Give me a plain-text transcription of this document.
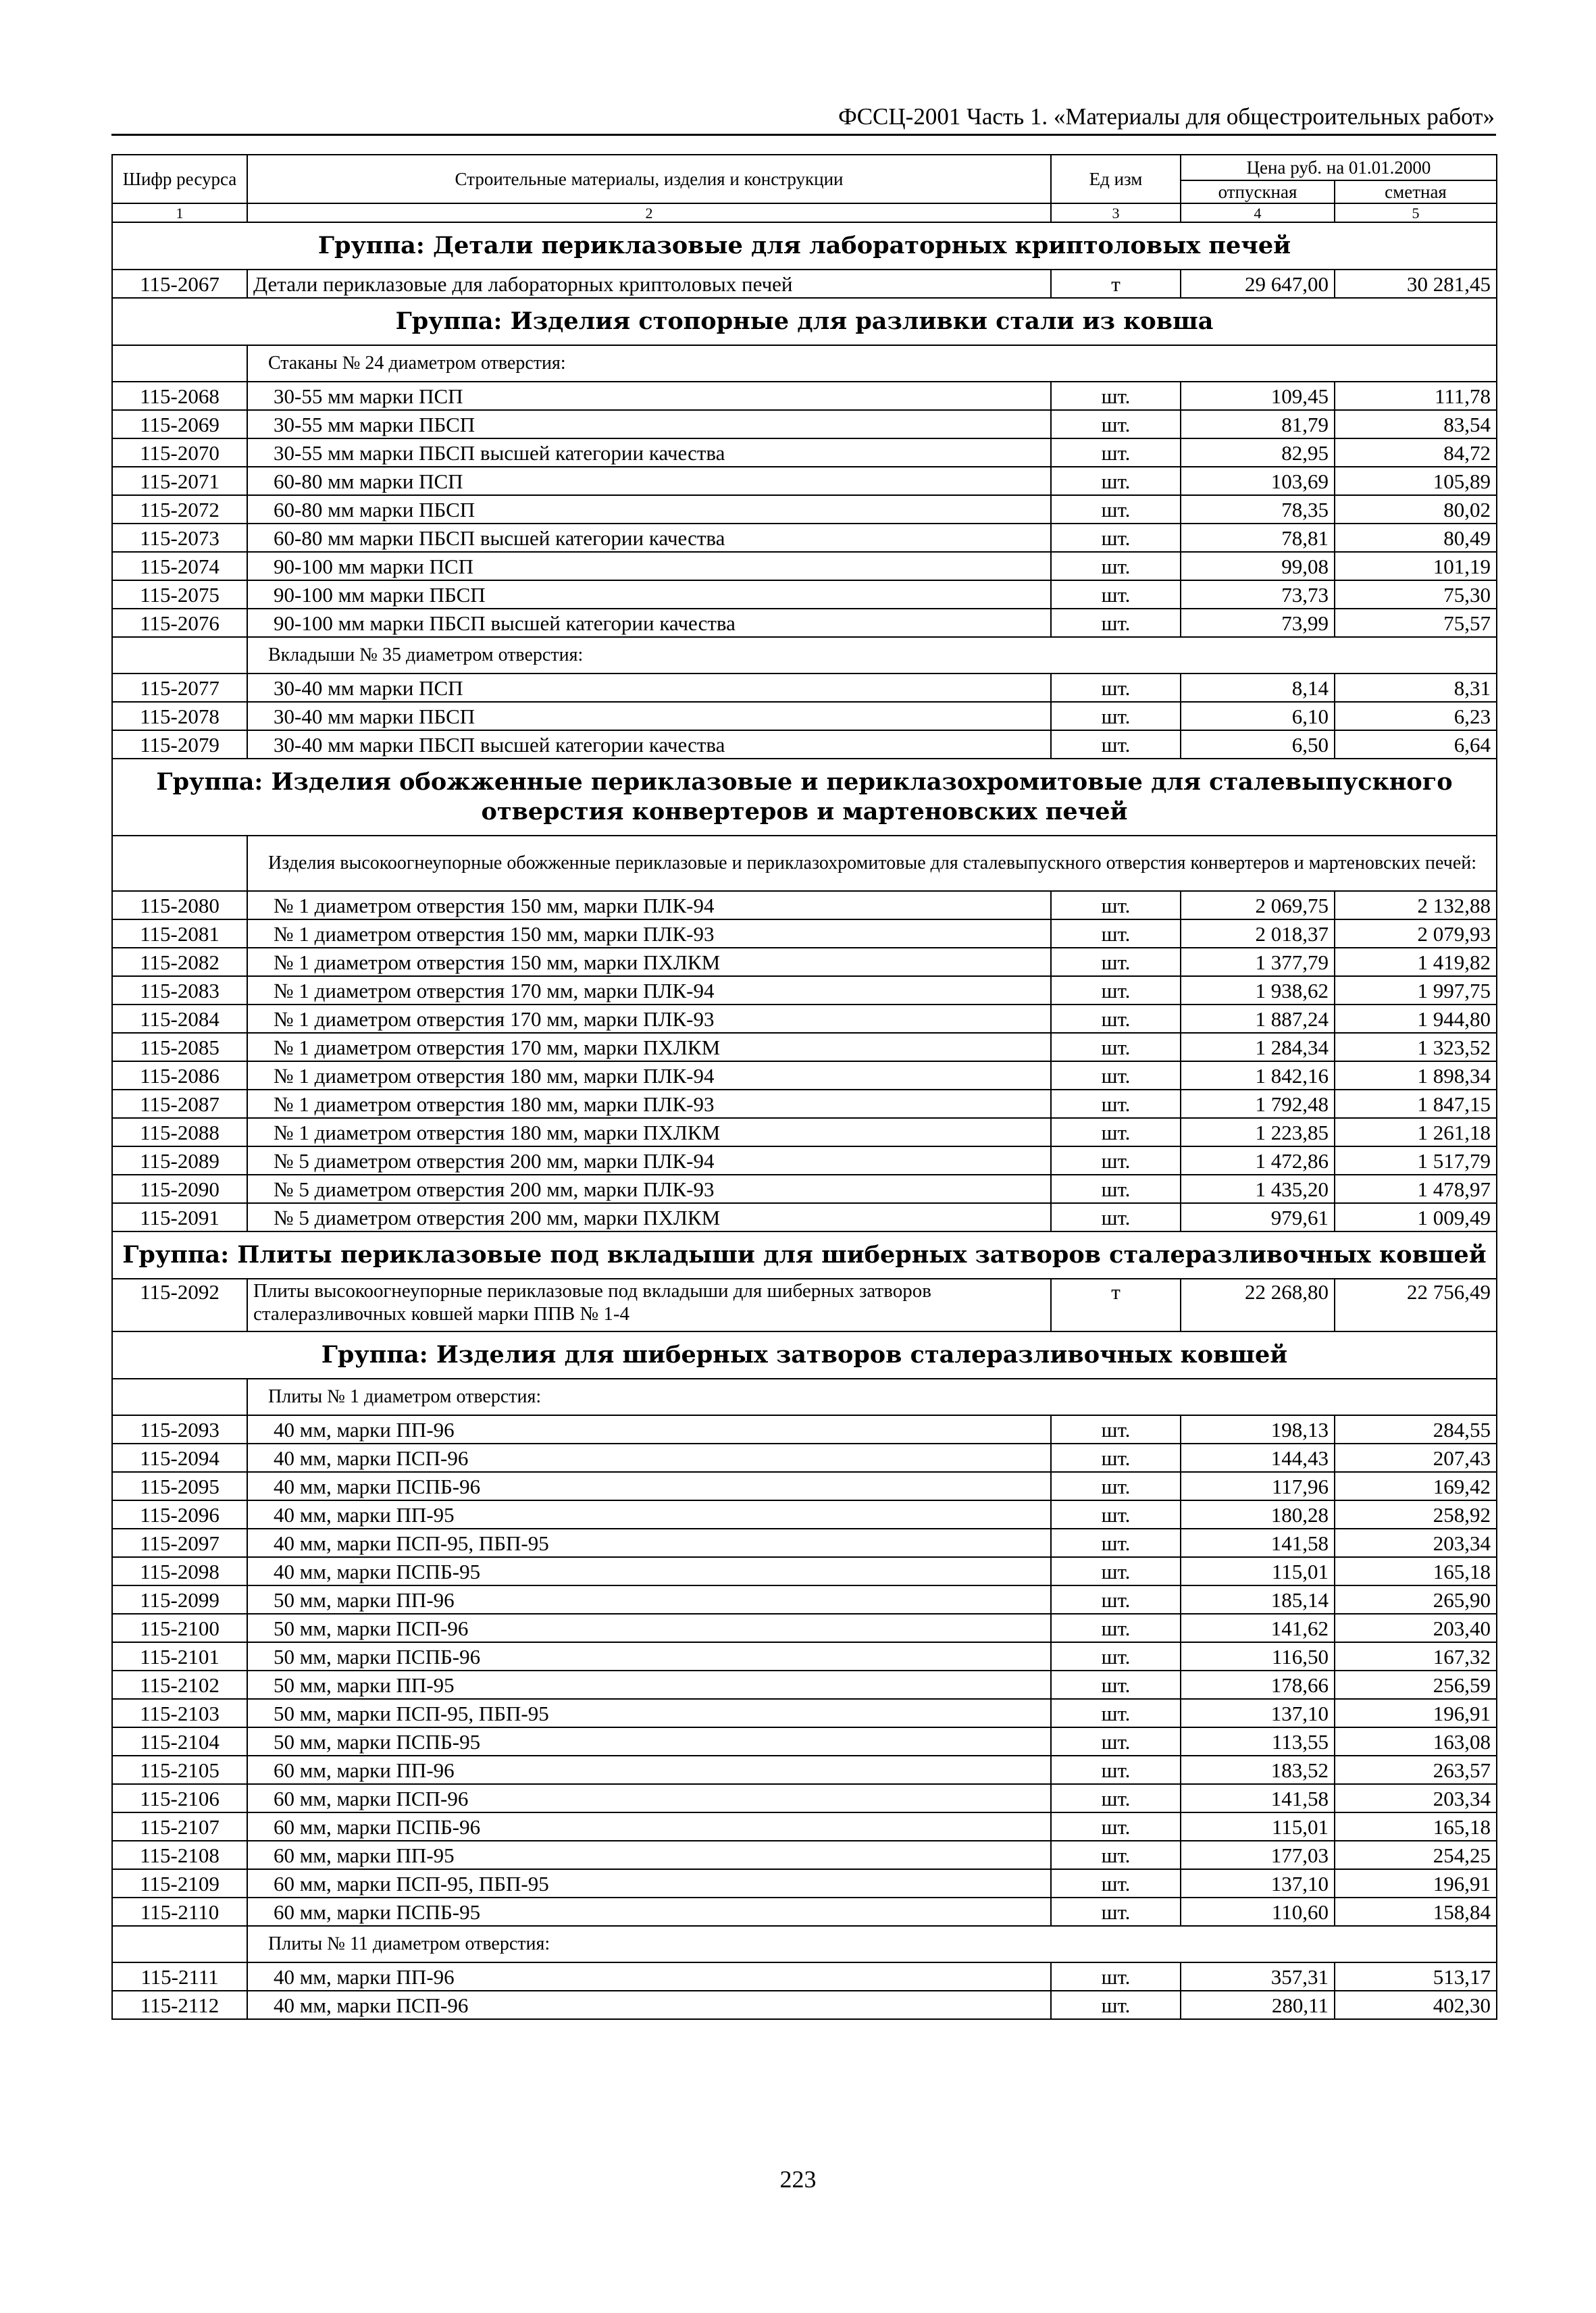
ФССЦ-2001 Часть 1. «Материалы для общестроительных работ»
Шифр ресурса	Строительные материалы, изделия и конструкции	Ед изм	Цена руб. на 01.01.2000	
			отпускная	сметная
1	2	3	4	5
Группа: Детали периклазовые для лабораторных криптоловых печей				
115-2067	Детали периклазовые для лабораторных криптоловых печей	т	29 647,00	30 281,45
Группа: Изделия стопорные для разливки стали из ковша				
	Стаканы № 24 диаметром отверстия:			
115-2068	30-55 мм марки ПСП	шт.	109,45	111,78
115-2069	30-55 мм марки ПБСП	шт.	81,79	83,54
115-2070	30-55 мм марки ПБСП высшей категории качества	шт.	82,95	84,72
115-2071	60-80 мм марки ПСП	шт.	103,69	105,89
115-2072	60-80 мм марки ПБСП	шт.	78,35	80,02
115-2073	60-80 мм марки ПБСП высшей категории качества	шт.	78,81	80,49
115-2074	90-100 мм марки ПСП	шт.	99,08	101,19
115-2075	90-100 мм марки ПБСП	шт.	73,73	75,30
115-2076	90-100 мм марки ПБСП высшей категории качества	шт.	73,99	75,57
	Вкладыши № 35 диаметром отверстия:			
115-2077	30-40 мм марки ПСП	шт.	8,14	8,31
115-2078	30-40 мм марки ПБСП	шт.	6,10	6,23
115-2079	30-40 мм марки ПБСП высшей категории качества	шт.	6,50	6,64
Группа: Изделия обожженные периклазовые и периклазохромитовые для сталевыпускного отверстия конвертеров и мартеновских печей				
	Изделия высокоогнеупорные обожженные периклазовые и периклазохромитовые для сталевыпускного отверстия конвертеров и мартеновских печей:			
115-2080	№ 1 диаметром отверстия 150 мм, марки ПЛК-94	шт.	2 069,75	2 132,88
115-2081	№ 1 диаметром отверстия 150 мм, марки ПЛК-93	шт.	2 018,37	2 079,93
115-2082	№ 1 диаметром отверстия 150 мм, марки ПХЛКМ	шт.	1 377,79	1 419,82
115-2083	№ 1 диаметром отверстия 170 мм, марки ПЛК-94	шт.	1 938,62	1 997,75
115-2084	№ 1 диаметром отверстия 170 мм, марки ПЛК-93	шт.	1 887,24	1 944,80
115-2085	№ 1 диаметром отверстия 170 мм, марки ПХЛКМ	шт.	1 284,34	1 323,52
115-2086	№ 1 диаметром отверстия 180 мм, марки ПЛК-94	шт.	1 842,16	1 898,34
115-2087	№ 1 диаметром отверстия 180 мм, марки ПЛК-93	шт.	1 792,48	1 847,15
115-2088	№ 1 диаметром отверстия 180 мм, марки ПХЛКМ	шт.	1 223,85	1 261,18
115-2089	№ 5 диаметром отверстия 200 мм, марки ПЛК-94	шт.	1 472,86	1 517,79
115-2090	№ 5 диаметром отверстия 200 мм, марки ПЛК-93	шт.	1 435,20	1 478,97
115-2091	№ 5 диаметром отверстия 200 мм, марки ПХЛКМ	шт.	979,61	1 009,49
Группа: Плиты периклазовые под вкладыши для шиберных затворов сталеразливочных ковшей				
115-2092	Плиты высокоогнеупорные периклазовые под вкладыши для шиберных затворов сталеразливочных ковшей марки ППВ № 1-4	т	22 268,80	22 756,49
Группа: Изделия для шиберных затворов сталеразливочных ковшей				
	Плиты № 1 диаметром отверстия:			
115-2093	40 мм, марки ПП-96	шт.	198,13	284,55
115-2094	40 мм, марки ПСП-96	шт.	144,43	207,43
115-2095	40 мм, марки ПСПБ-96	шт.	117,96	169,42
115-2096	40 мм, марки ПП-95	шт.	180,28	258,92
115-2097	40 мм, марки ПСП-95, ПБП-95	шт.	141,58	203,34
115-2098	40 мм, марки ПСПБ-95	шт.	115,01	165,18
115-2099	50 мм, марки ПП-96	шт.	185,14	265,90
115-2100	50 мм, марки ПСП-96	шт.	141,62	203,40
115-2101	50 мм, марки ПСПБ-96	шт.	116,50	167,32
115-2102	50 мм, марки ПП-95	шт.	178,66	256,59
115-2103	50 мм, марки ПСП-95, ПБП-95	шт.	137,10	196,91
115-2104	50 мм, марки ПСПБ-95	шт.	113,55	163,08
115-2105	60 мм, марки ПП-96	шт.	183,52	263,57
115-2106	60 мм, марки ПСП-96	шт.	141,58	203,34
115-2107	60 мм, марки ПСПБ-96	шт.	115,01	165,18
115-2108	60 мм, марки ПП-95	шт.	177,03	254,25
115-2109	60 мм, марки ПСП-95, ПБП-95	шт.	137,10	196,91
115-2110	60 мм, марки ПСПБ-95	шт.	110,60	158,84
	Плиты № 11 диаметром отверстия:			
115-2111	40 мм, марки ПП-96	шт.	357,31	513,17
115-2112	40 мм, марки ПСП-96	шт.	280,11	402,30
223
